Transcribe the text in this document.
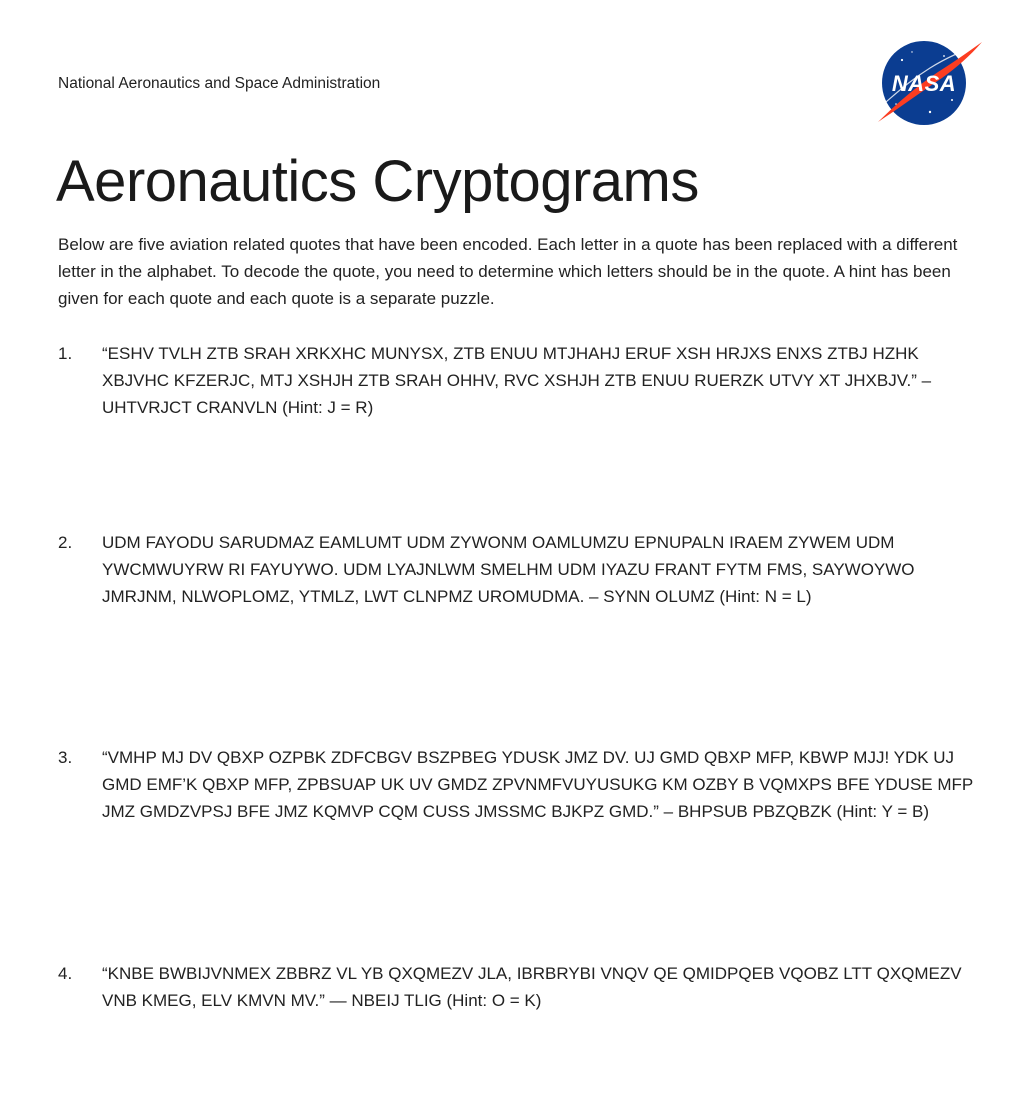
National Aeronautics and Space Administration	NASA
Aeronautics Cryptograms

Below are five aviation related quotes that have been encoded. Each letter in a quote has been replaced with a different letter in the alphabet. To decode the quote, you need to determine which letters should be in the quote. A hint has been given for each quote and each quote is a separate puzzle.

1. “ESHV TVLH ZTB SRAH XRKXHC MUNYSX, ZTB ENUU MTJHAHJ ERUF XSH HRJXS ENXS ZTBJ HZHK XBJVHC KFZERJC, MTJ XSHJH ZTB SRAH OHHV, RVC XSHJH ZTB ENUU RUERZK UTVY XT JHXBJV.” – UHTVRJCT CRANVLN (Hint: J = R)
2. UDM FAYODU SARUDMAZ EAMLUMT UDM ZYWONM OAMLUMZU EPNUPALN IRAEM ZYWEM UDM YWCMWUYRW RI FAYUYWO. UDM LYAJNLWM SMELHM UDM IYAZU FRANT FYTM FMS, SAYWOYWO JMRJNM, NLWOPLOMZ, YTMLZ, LWT CLNPMZ UROMUDMA. – SYNN OLUMZ (Hint: N = L)
3. “VMHP MJ DV QBXP OZPBK ZDFCBGV BSZPBEG YDUSK JMZ DV. UJ GMD QBXP MFP, KBWP MJJ! YDK UJ GMD EMF’K QBXP MFP, ZPBSUAP UK UV GMDZ ZPVNMFVUYUSUKG KM OZBY B VQMXPS BFE YDUSE MFP JMZ GMDZVPSJ BFE JMZ KQMVP CQM CUSS JMSSMC BJKPZ GMD.” – BHPSUB PBZQBZK (Hint: Y = B)
4. “KNBE BWBIJVNMEX ZBBRZ VL YB QXQMEZV JLA, IBRBRYBI VNQV QE QMIDPQEB VQOBZ LTT QXQMEZV VNB KMEG, ELV KMVN MV.” — NBEIJ TLIG (Hint: O = K)
